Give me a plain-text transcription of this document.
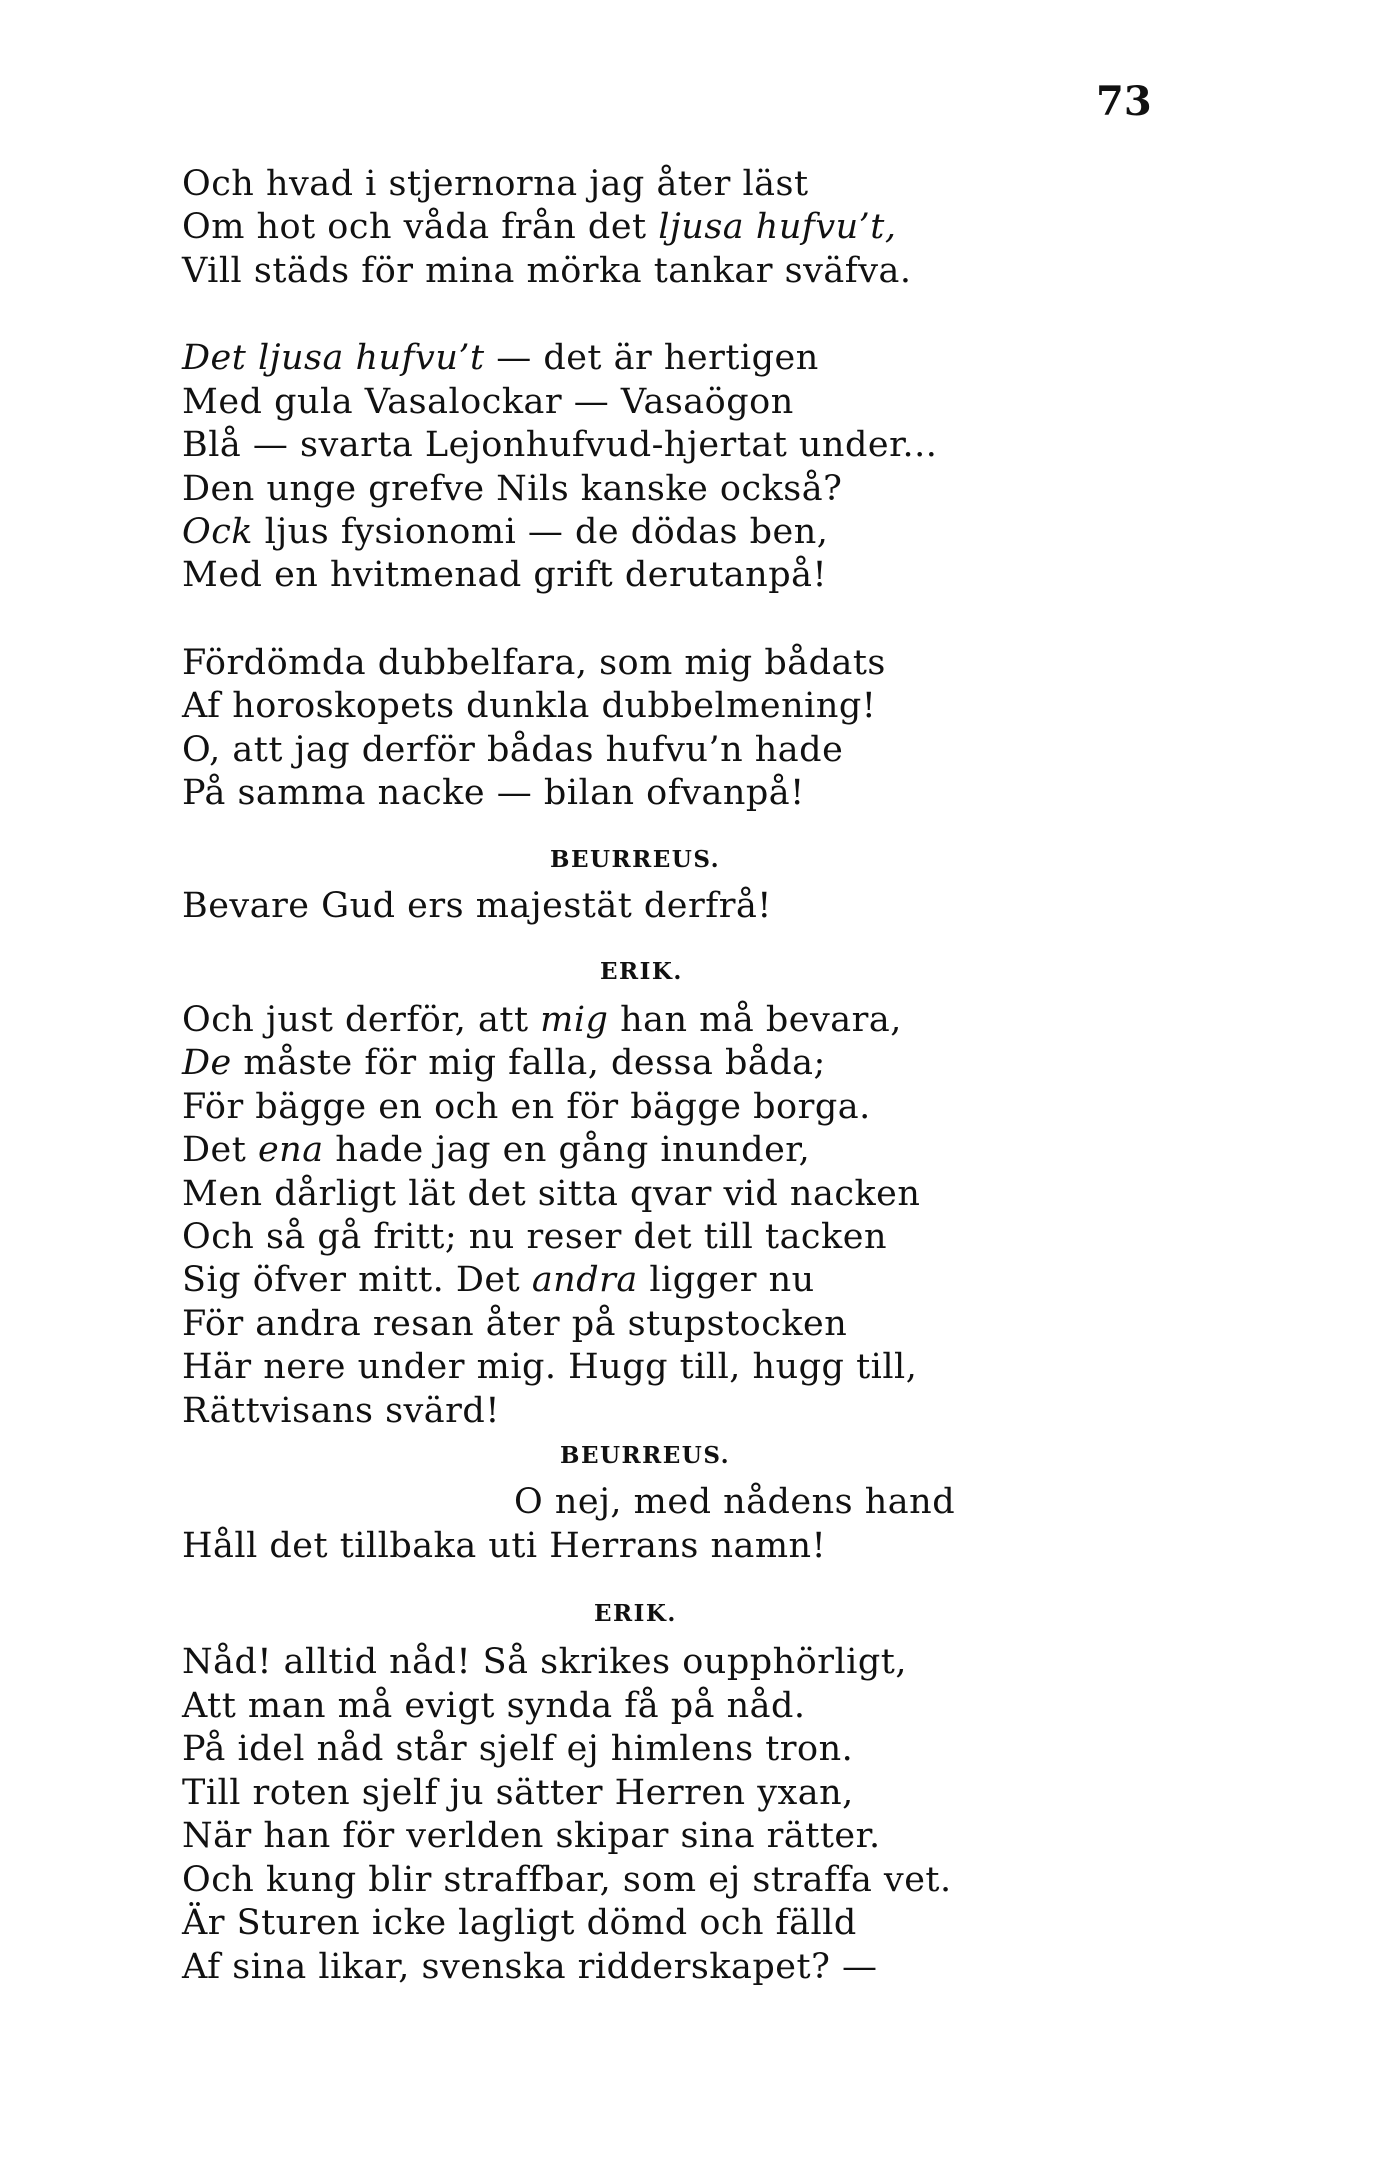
73
Och hvad i stjernorna jag åter läst
Om hot och våda från det ljusa hufvu’t,
Vill städs för mina mörka tankar sväfva.
Det ljusa hufvu’t — det är hertigen
Med gula Vasalockar — Vasaögon
Blå — svarta Lejonhufvud-hjertat under...
Den unge grefve Nils kanske också?
Ock ljus fysionomi — de dödas ben,
Med en hvitmenad grift derutanpå!
Fördömda dubbelfara, som mig bådats
Af horoskopets dunkla dubbelmening!
O, att jag derför bådas hufvu’n hade
På samma nacke — bilan ofvanpå!
BEURREUS.
Bevare Gud ers majestät derfrå!
ERIK.
Och just derför, att mig han må bevara,
De måste för mig falla, dessa båda;
För bägge en och en för bägge borga.
Det ena hade jag en gång inunder,
Men dårligt lät det sitta qvar vid nacken
Och så gå fritt; nu reser det till tacken
Sig öfver mitt. Det andra ligger nu
För andra resan åter på stupstocken
Här nere under mig. Hugg till, hugg till,
Rättvisans svärd!
BEURREUS.
O nej, med nådens hand
Håll det tillbaka uti Herrans namn!
ERIK.
Nåd! alltid nåd! Så skrikes oupphörligt,
Att man må evigt synda få på nåd.
På idel nåd står sjelf ej himlens tron.
Till roten sjelf ju sätter Herren yxan,
När han för verlden skipar sina rätter.
Och kung blir straffbar, som ej straffa vet.
Är Sturen icke lagligt dömd och fälld
Af sina likar, svenska ridderskapet? —
